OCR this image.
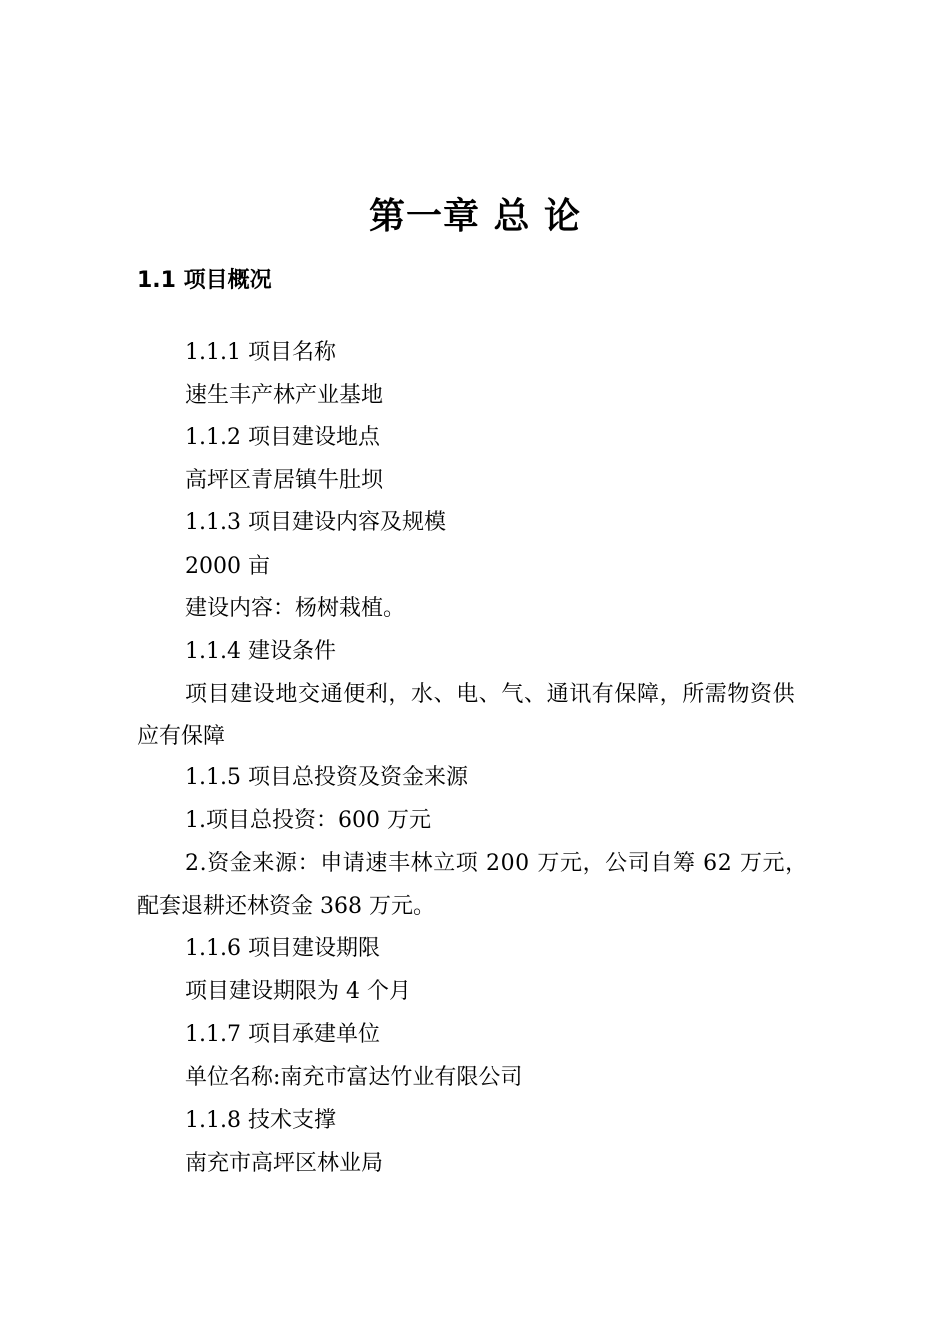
第一章 总 论
1.1 项目概况

1.1.1 项目名称

速生丰产林产业基地

1.1.2 项目建设地点

高坪区青居镇牛肚坝

1.1.3 项目建设内容及规模

2000 亩

建设内容：杨树栽植。

1.1.4 建设条件

项目建设地交通便利，水、电、气、通讯有保障，所需物资供

应有保障

1.1.5 项目总投资及资金来源

1.项目总投资：600 万元

2.资金来源：申请速丰林立项 200 万元，公司自筹 62 万元，

配套退耕还林资金 368 万元。

1.1.6 项目建设期限

项目建设期限为 4 个月

1.1.7 项目承建单位

单位名称:南充市富达竹业有限公司

1.1.8 技术支撑

南充市高坪区林业局
